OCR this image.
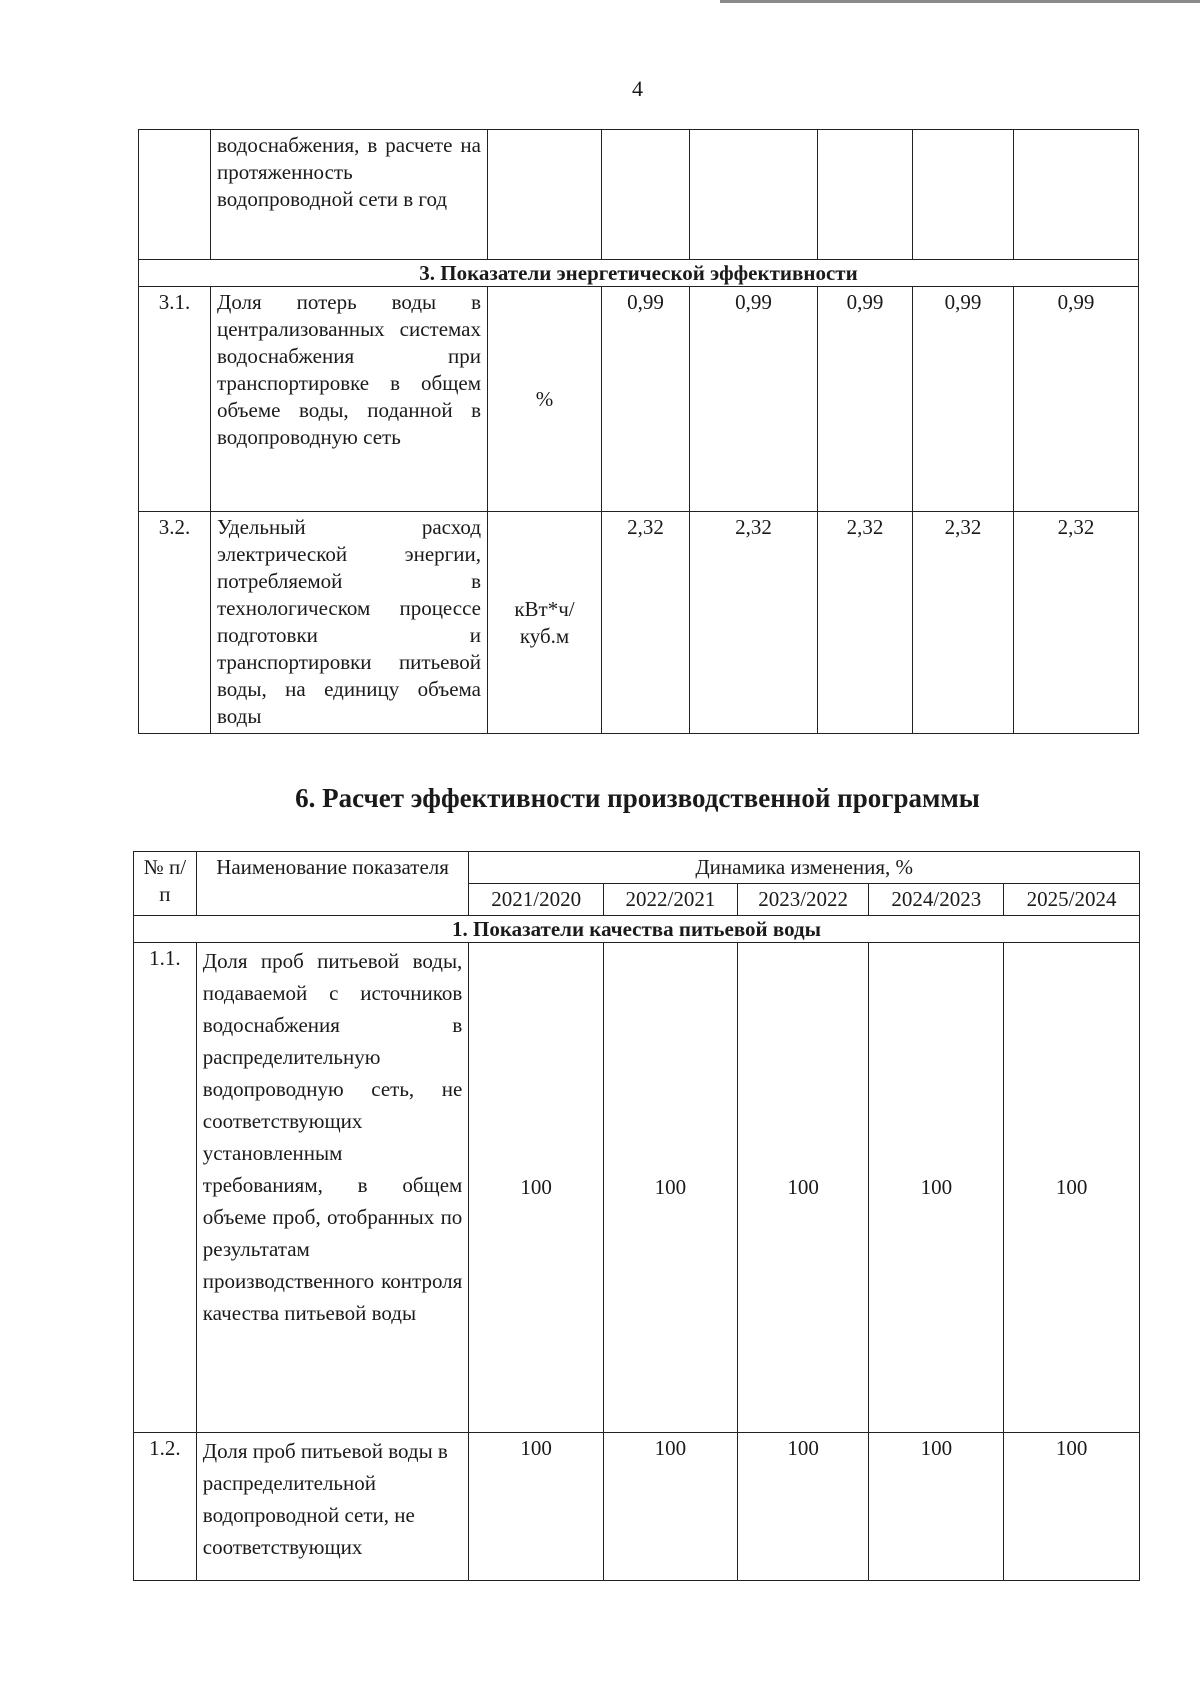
4
	водоснабжения, в расчете на протяженность водопроводной сети в год						
3. Показатели энергетической эффективности							
3.1.	Доля потерь воды в централизованных системах водоснабжения при транспортировке в общем объеме воды, поданной в водопроводную сеть	%	0,99	0,99	0,99	0,99	0,99
3.2.	Удельный расход электрической энергии, потребляемой в технологическом процессе подготовки и транспортировки питьевой воды, на единицу объема воды	кВт*ч/ куб.м	2,32	2,32	2,32	2,32	2,32
6. Расчет эффективности производственной программы
№ п/п	Наименование показателя	Динамика изменения, %				
		2021/2020	2022/2021	2023/2022	2024/2023	2025/2024
1. Показатели качества питьевой воды						
1.1.	Доля проб питьевой воды, подаваемой с источников водоснабжения в распределительную водопроводную сеть, не соответствующих установленным требованиям, в общем объеме проб, отобранных по результатам производственного контроля качества питьевой воды	100	100	100	100	100
1.2.	Доля проб питьевой воды в распределительной водопроводной сети, не соответствующих	100	100	100	100	100
